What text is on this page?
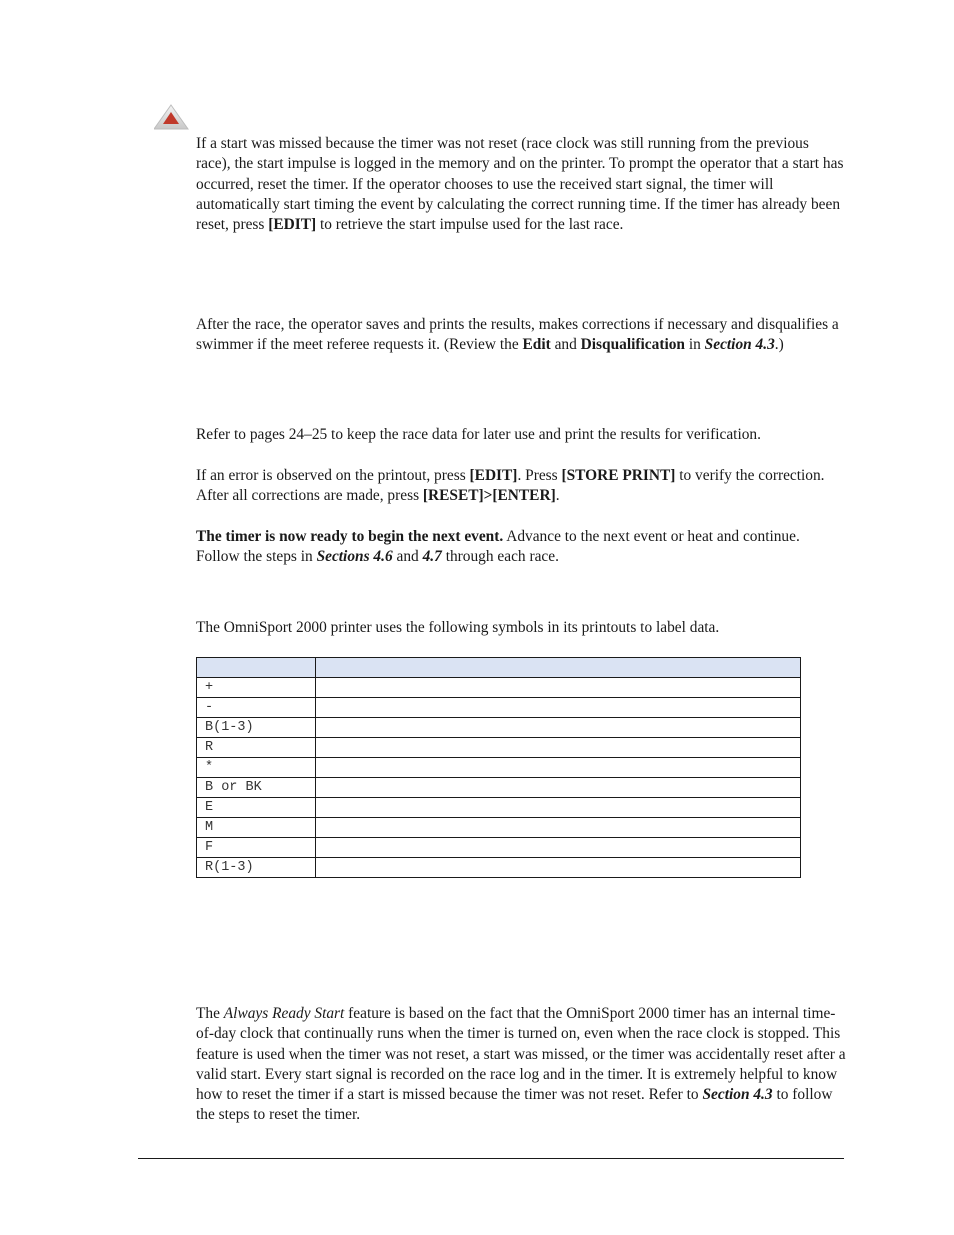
If a start was missed because the timer was not reset (race clock was still running from the previous race), the start impulse is logged in the memory and on the printer. To prompt the operator that a start has occurred, reset the timer. If the operator chooses to use the received start signal, the timer will automatically start timing the event by calculating the correct running time. If the timer has already been reset, press [EDIT] to retrieve the start impulse used for the last race.

After the race, the operator saves and prints the results, makes corrections if necessary and disqualifies a swimmer if the meet referee requests it. (Review the Edit and Disqualification in Section 4.3.)

Refer to pages 24–25 to keep the race data for later use and print the results for verification.

If an error is observed on the printout, press [EDIT]. Press [STORE PRINT] to verify the correction. After all corrections are made, press [RESET]>[ENTER].

The timer is now ready to begin the next event. Advance to the next event or heat and continue. Follow the steps in Sections 4.6 and 4.7 through each race.

The OmniSport 2000 printer uses the following symbols in its printouts to label data.

+	
-	
B(1-3)	
R	
*	
B or BK	
E	
M	
F	
R(1-3)	

The Always Ready Start feature is based on the fact that the OmniSport 2000 timer has an internal time-of-day clock that continually runs when the timer is turned on, even when the race clock is stopped. This feature is used when the timer was not reset, a start was missed, or the timer was accidentally reset after a valid start. Every start signal is recorded on the race log and in the timer. It is extremely helpful to know how to reset the timer if a start is missed because the timer was not reset. Refer to Section 4.3 to follow the steps to reset the timer.
